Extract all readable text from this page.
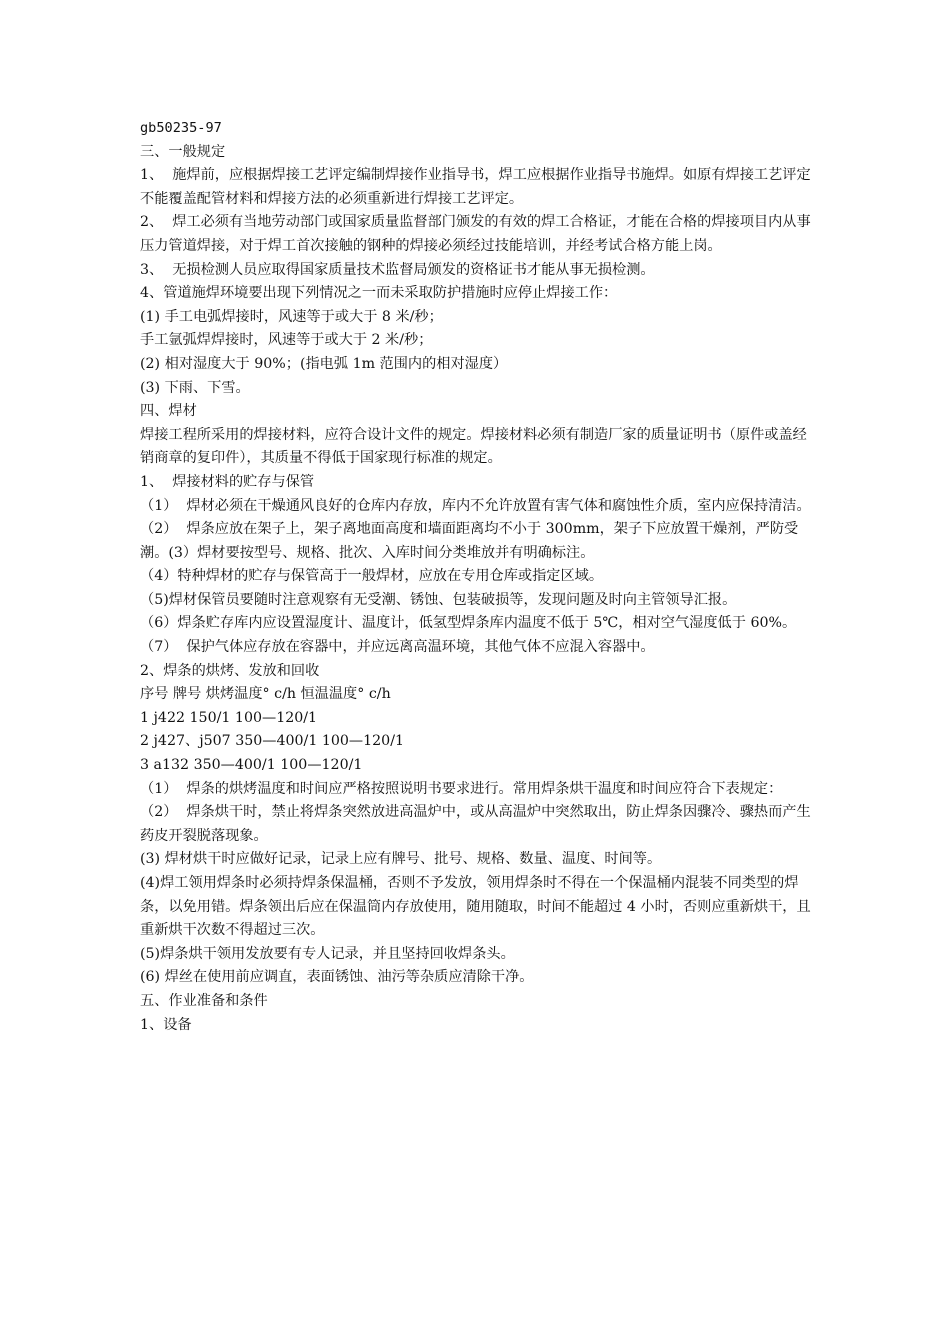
gb50235-97
三、一般规定
1、  施焊前，应根据焊接工艺评定编制焊接作业指导书，焊工应根据作业指导书施焊。如原有焊接工艺评定不能覆盖配管材料和焊接方法的必须重新进行焊接工艺评定。
2、  焊工必须有当地劳动部门或国家质量监督部门颁发的有效的焊工合格证，才能在合格的焊接项目内从事压力管道焊接，对于焊工首次接触的钢种的焊接必须经过技能培训，并经考试合格方能上岗。
3、  无损检测人员应取得国家质量技术监督局颁发的资格证书才能从事无损检测。
4、管道施焊环境要出现下列情况之一而未采取防护措施时应停止焊接工作：
(1) 手工电弧焊接时，风速等于或大于 8 米/秒；
手工氩弧焊焊接时，风速等于或大于 2 米/秒；
(2) 相对湿度大于 90%；(指电弧 1m 范围内的相对湿度）
(3) 下雨、下雪。
四、焊材
焊接工程所采用的焊接材料，应符合设计文件的规定。焊接材料必须有制造厂家的质量证明书（原件或盖经销商章的复印件），其质量不得低于国家现行标准的规定。
1、  焊接材料的贮存与保管
（1）  焊材必须在干燥通风良好的仓库内存放，库内不允许放置有害气体和腐蚀性介质，室内应保持清洁。
（2）  焊条应放在架子上，架子离地面高度和墙面距离均不小于 300mm，架子下应放置干燥剂，严防受潮。(3）焊材要按型号、规格、批次、入库时间分类堆放并有明确标注。
（4）特种焊材的贮存与保管高于一般焊材，应放在专用仓库或指定区域。
（5)焊材保管员要随时注意观察有无受潮、锈蚀、包装破损等，发现问题及时向主管领导汇报。
（6）焊条贮存库内应设置湿度计、温度计，低氢型焊条库内温度不低于 5℃，相对空气湿度低于 60%。
（7）  保护气体应存放在容器中，并应远离高温环境，其他气体不应混入容器中。
2、焊条的烘烤、发放和回收
序号 牌号 烘烤温度° c/h 恒温温度° c/h
1 j422 150/1 100—120/1
2 j427、j507 350—400/1 100—120/1
3 a132 350—400/1 100—120/1
（1）  焊条的烘烤温度和时间应严格按照说明书要求进行。常用焊条烘干温度和时间应符合下表规定：
（2）  焊条烘干时，禁止将焊条突然放进高温炉中，或从高温炉中突然取出，防止焊条因骤冷、骤热而产生药皮开裂脱落现象。
(3) 焊材烘干时应做好记录，记录上应有牌号、批号、规格、数量、温度、时间等。
(4)焊工领用焊条时必须持焊条保温桶，否则不予发放，领用焊条时不得在一个保温桶内混装不同类型的焊条，以免用错。焊条领出后应在保温筒内存放使用，随用随取，时间不能超过 4 小时，否则应重新烘干，且重新烘干次数不得超过三次。
(5)焊条烘干领用发放要有专人记录，并且坚持回收焊条头。
(6) 焊丝在使用前应调直，表面锈蚀、油污等杂质应清除干净。
五、作业准备和条件
1、设备
